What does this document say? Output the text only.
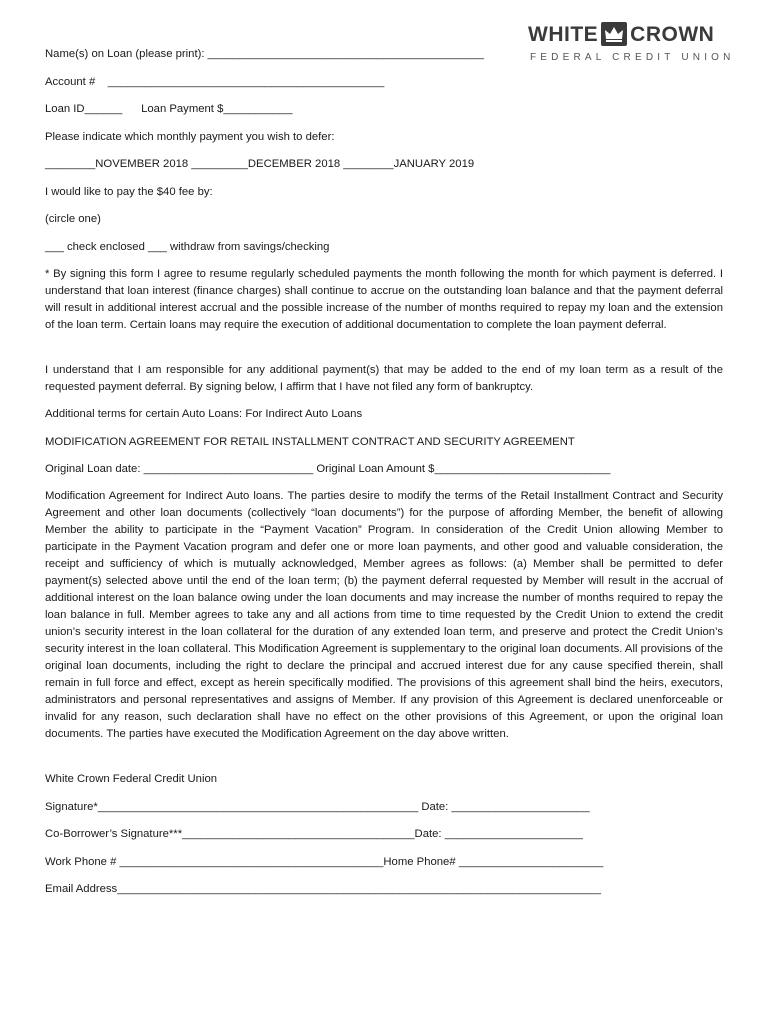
WHITE CROWN
FEDERAL CREDIT UNION
Name(s) on Loan (please print): ____________________________________________
Account #    ____________________________________________
Loan ID______      Loan Payment $___________
Please indicate which monthly payment you wish to defer:
________NOVEMBER 2018 _________DECEMBER 2018 ________JANUARY 2019
I would like to pay the $40 fee by:
(circle one)
___ check enclosed ___ withdraw from savings/checking
* By signing this form I agree to resume regularly scheduled payments the month following the month for which payment is deferred. I understand that loan interest (finance charges) shall continue to accrue on the outstanding loan balance and that the payment deferral will result in additional interest accrual and the possible increase of the number of months required to repay my loan and the extension of the loan term. Certain loans may require the execution of additional documentation to complete the loan payment deferral.
I understand that I am responsible for any additional payment(s) that may be added to the end of my loan term as a result of the requested payment deferral. By signing below, I affirm that I have not filed any form of bankruptcy.
Additional terms for certain Auto Loans: For Indirect Auto Loans
MODIFICATION AGREEMENT FOR RETAIL INSTALLMENT CONTRACT AND SECURITY AGREEMENT
Original Loan date: ___________________________ Original Loan Amount $____________________________
Modification Agreement for Indirect Auto loans. The parties desire to modify the terms of the Retail Installment Contract and Security Agreement and other loan documents (collectively “loan documents”) for the purpose of affording Member, the benefit of allowing Member the ability to participate in the “Payment Vacation” Program. In consideration of the Credit Union allowing Member to participate in the Payment Vacation program and defer one or more loan payments, and other good and valuable consideration, the receipt and sufficiency of which is mutually acknowledged, Member agrees as follows: (a) Member shall be permitted to defer payment(s) selected above until the end of the loan term; (b) the payment deferral requested by Member will result in the accrual of additional interest on the loan balance owing under the loan documents and may increase the number of months required to repay the loan balance in full. Member agrees to take any and all actions from time to time requested by the Credit Union to extend the credit union’s security interest in the loan collateral for the duration of any extended loan term, and preserve and protect the Credit Union’s security interest in the loan collateral. This Modification Agreement is supplementary to the original loan documents. All provisions of the original loan documents, including the right to declare the principal and accrued interest due for any cause specified therein, shall remain in full force and effect, except as herein specifically modified. The provisions of this agreement shall bind the heirs, executors, administrators and personal representatives and assigns of Member. If any provision of this Agreement is declared unenforceable or invalid for any reason, such declaration shall have no effect on the other provisions of this Agreement, or upon the original loan documents. The parties have executed the Modification Agreement on the day above written.
White Crown Federal Credit Union
Signature*___________________________________________________ Date: ______________________
Co-Borrower’s Signature***_____________________________________Date: ______________________
Work Phone # __________________________________________Home Phone# _______________________
Email Address_____________________________________________________________________________
